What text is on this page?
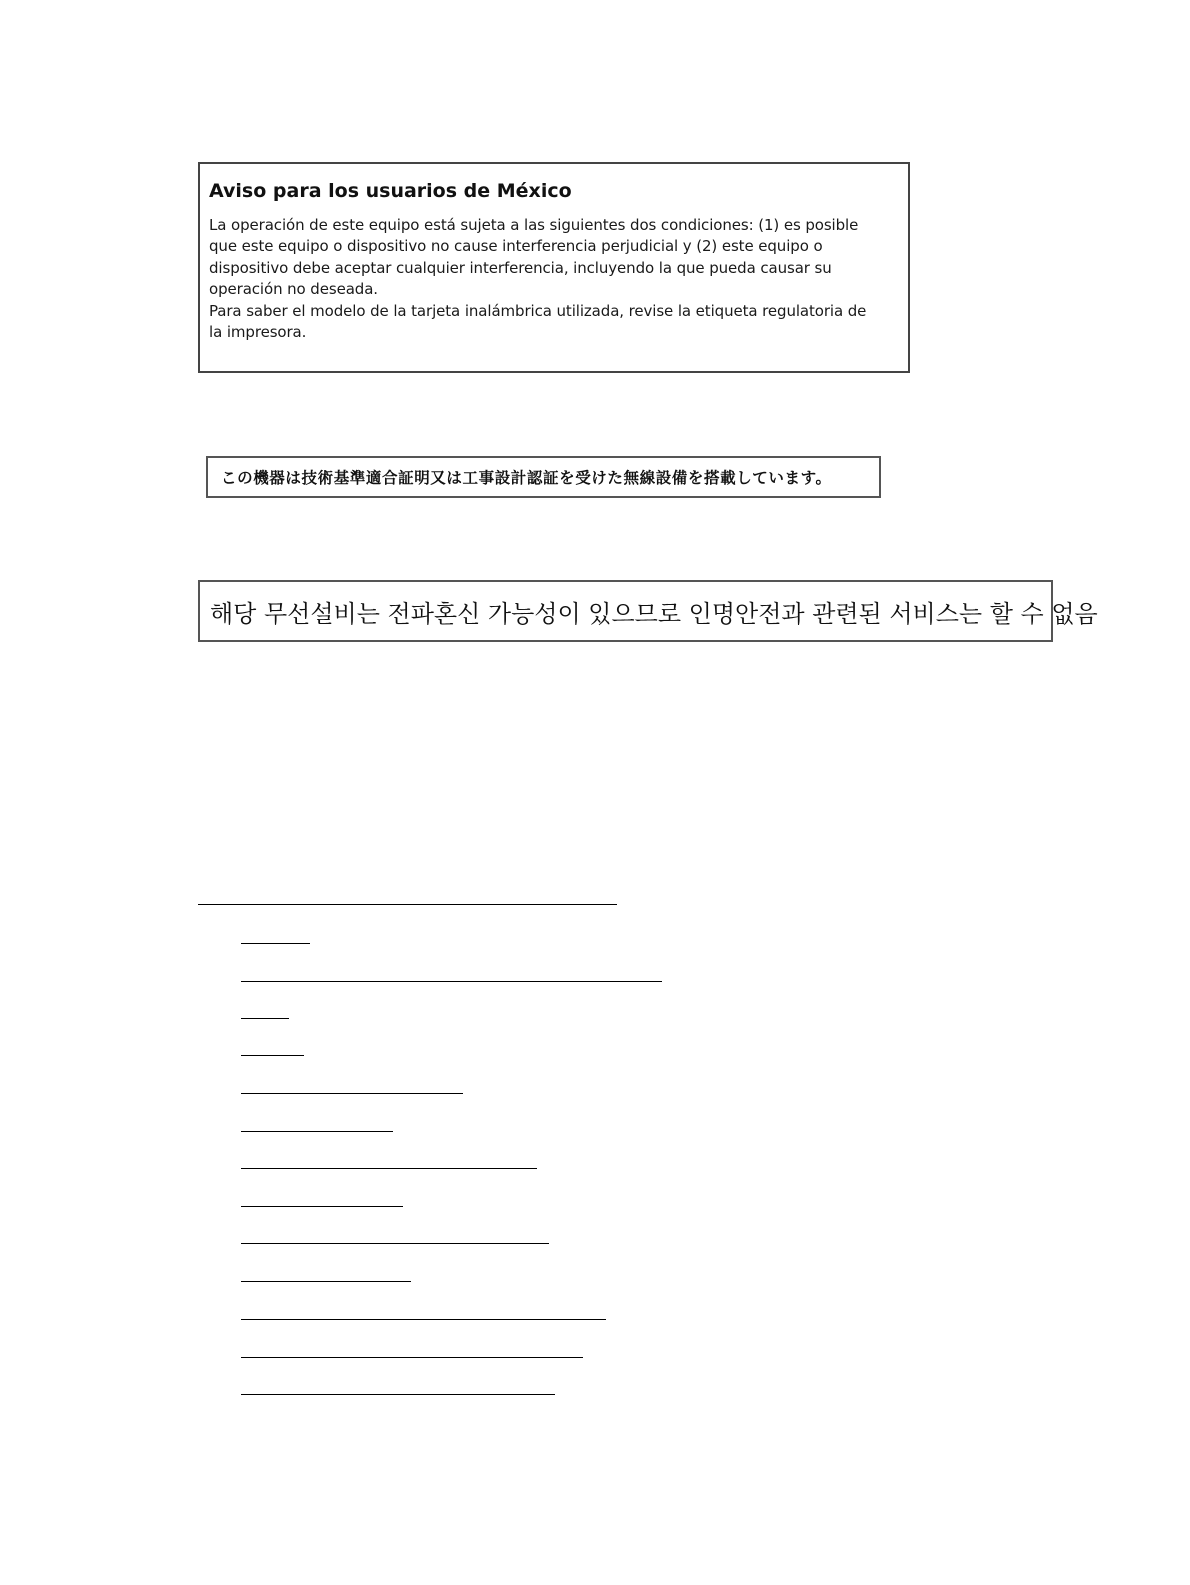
Aviso para los usuarios de México

La operación de este equipo está sujeta a las siguientes dos condiciones: (1) es posible

que este equipo o dispositivo no cause interferencia perjudicial y (2) este equipo o

dispositivo debe aceptar cualquier interferencia, incluyendo la que pueda causar su

operación no deseada.

Para saber el modelo de la tarjeta inalámbrica utilizada, revise la etiqueta regulatoria de

la impresora.

この機器は技術基準適合証明又は工事設計認証を受けた無線設備を搭載しています。
해당 무선설비는 전파혼신 가능성이 있으므로 인명안전과 관련된 서비스는 할 수 없음
